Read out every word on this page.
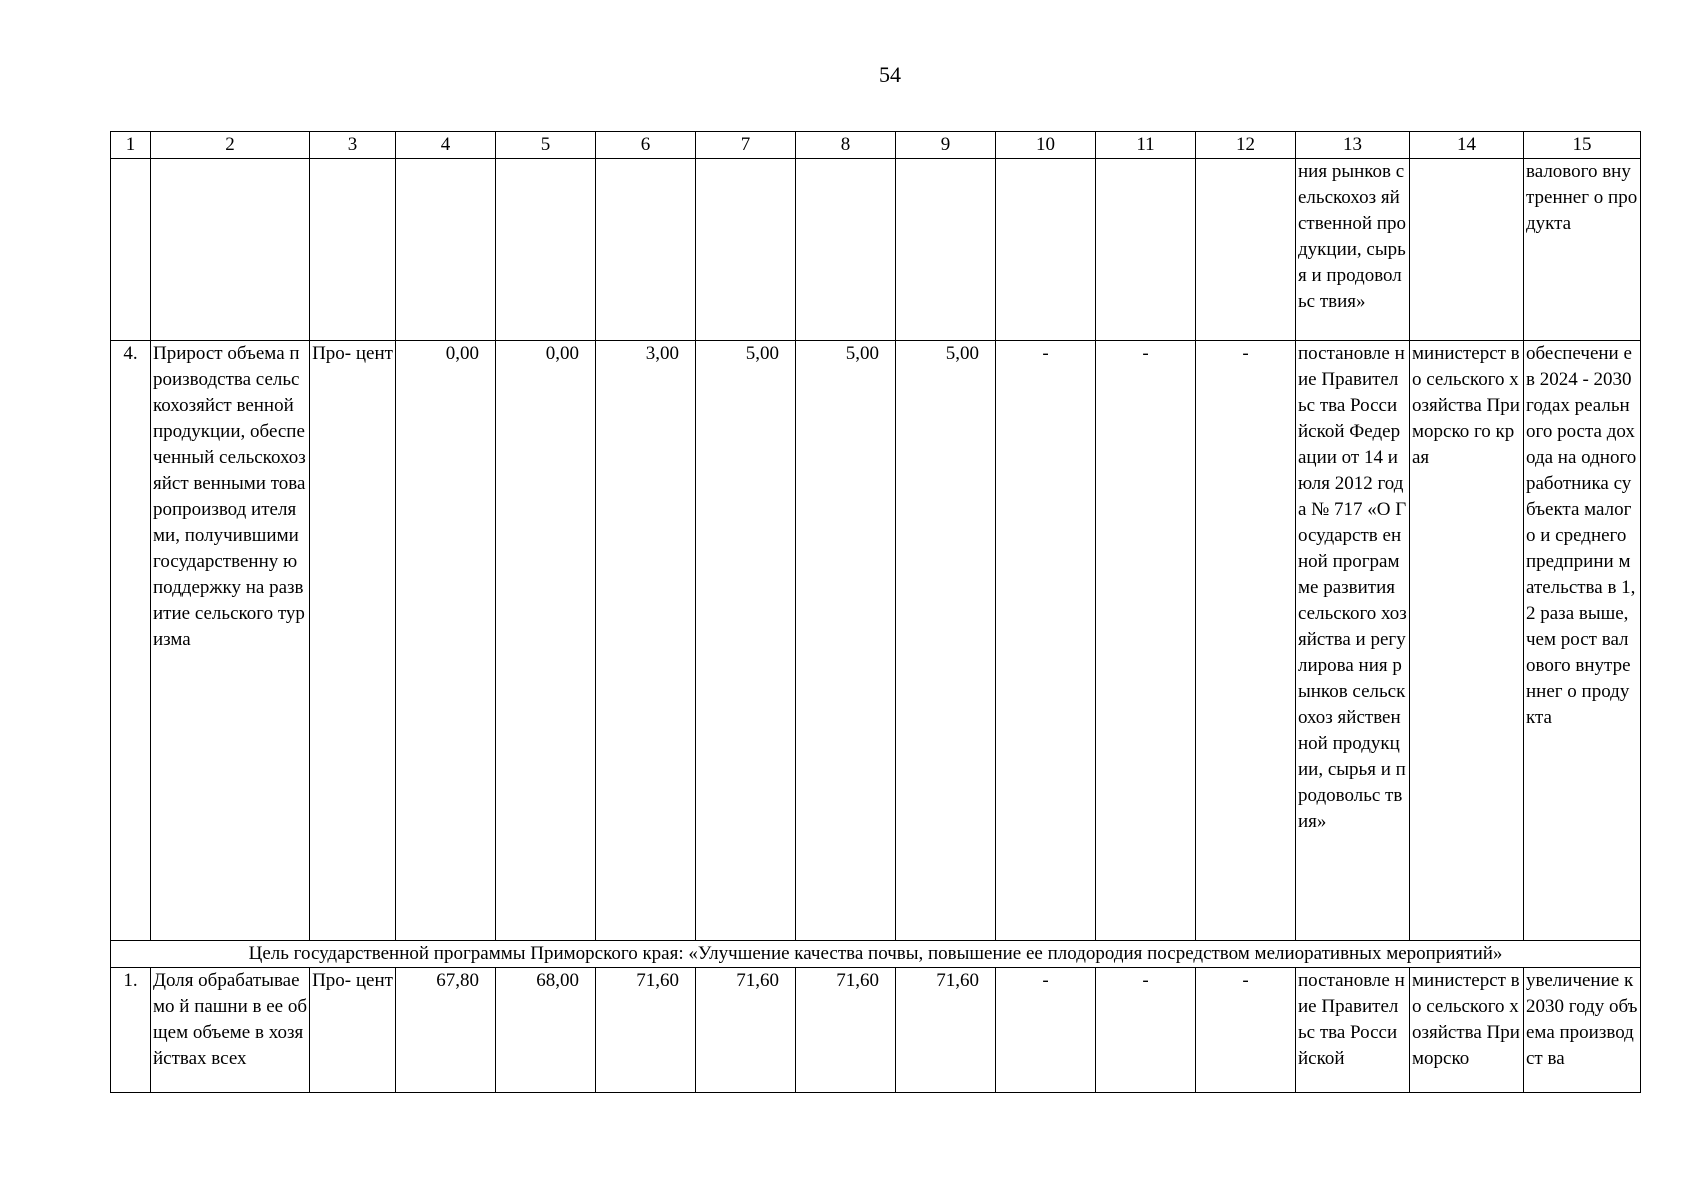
54
1	2	3	4	5	6	7	8	9	10	11	12	13	14	15
												ния рынков сельскохоз яйственной продукции, сырья и продовольс твия»		валового внутреннег о продукта
4.	Прирост объема производства сельскохозяйст венной продукции, обеспеченный сельскохозяйст венными товаропроизвод ителями, получившими государственну ю поддержку на развитие сельского туризма	Про- цент	0,00	0,00	3,00	5,00	5,00	5,00	-	-	-	постановле ние Правительс тва Российской Федерации от 14 июля 2012 года № 717 «О Государств енной программе развития сельского хозяйства и регулирова ния рынков сельскохоз яйственной продукции, сырья и продовольс твия»	министерст во сельского хозяйства Приморско го края	обеспечени е в 2024 - 2030 годах реального роста дохода на одного работника субъекта малого и среднего предприни мательства в 1,2 раза выше, чем рост валового внутреннег о продукта
Цель государственной программы Приморского края: «Улучшение качества почвы, повышение ее плодородия посредством мелиоративных мероприятий»														
1.	Доля обрабатываемо й пашни в ее общем объеме в хозяйствах всех	Про- цент	67,80	68,00	71,60	71,60	71,60	71,60	-	-	-	постановле ние Правительс тва Российской	министерст во сельского хозяйства Приморско	увеличение к 2030 году объема производст ва
